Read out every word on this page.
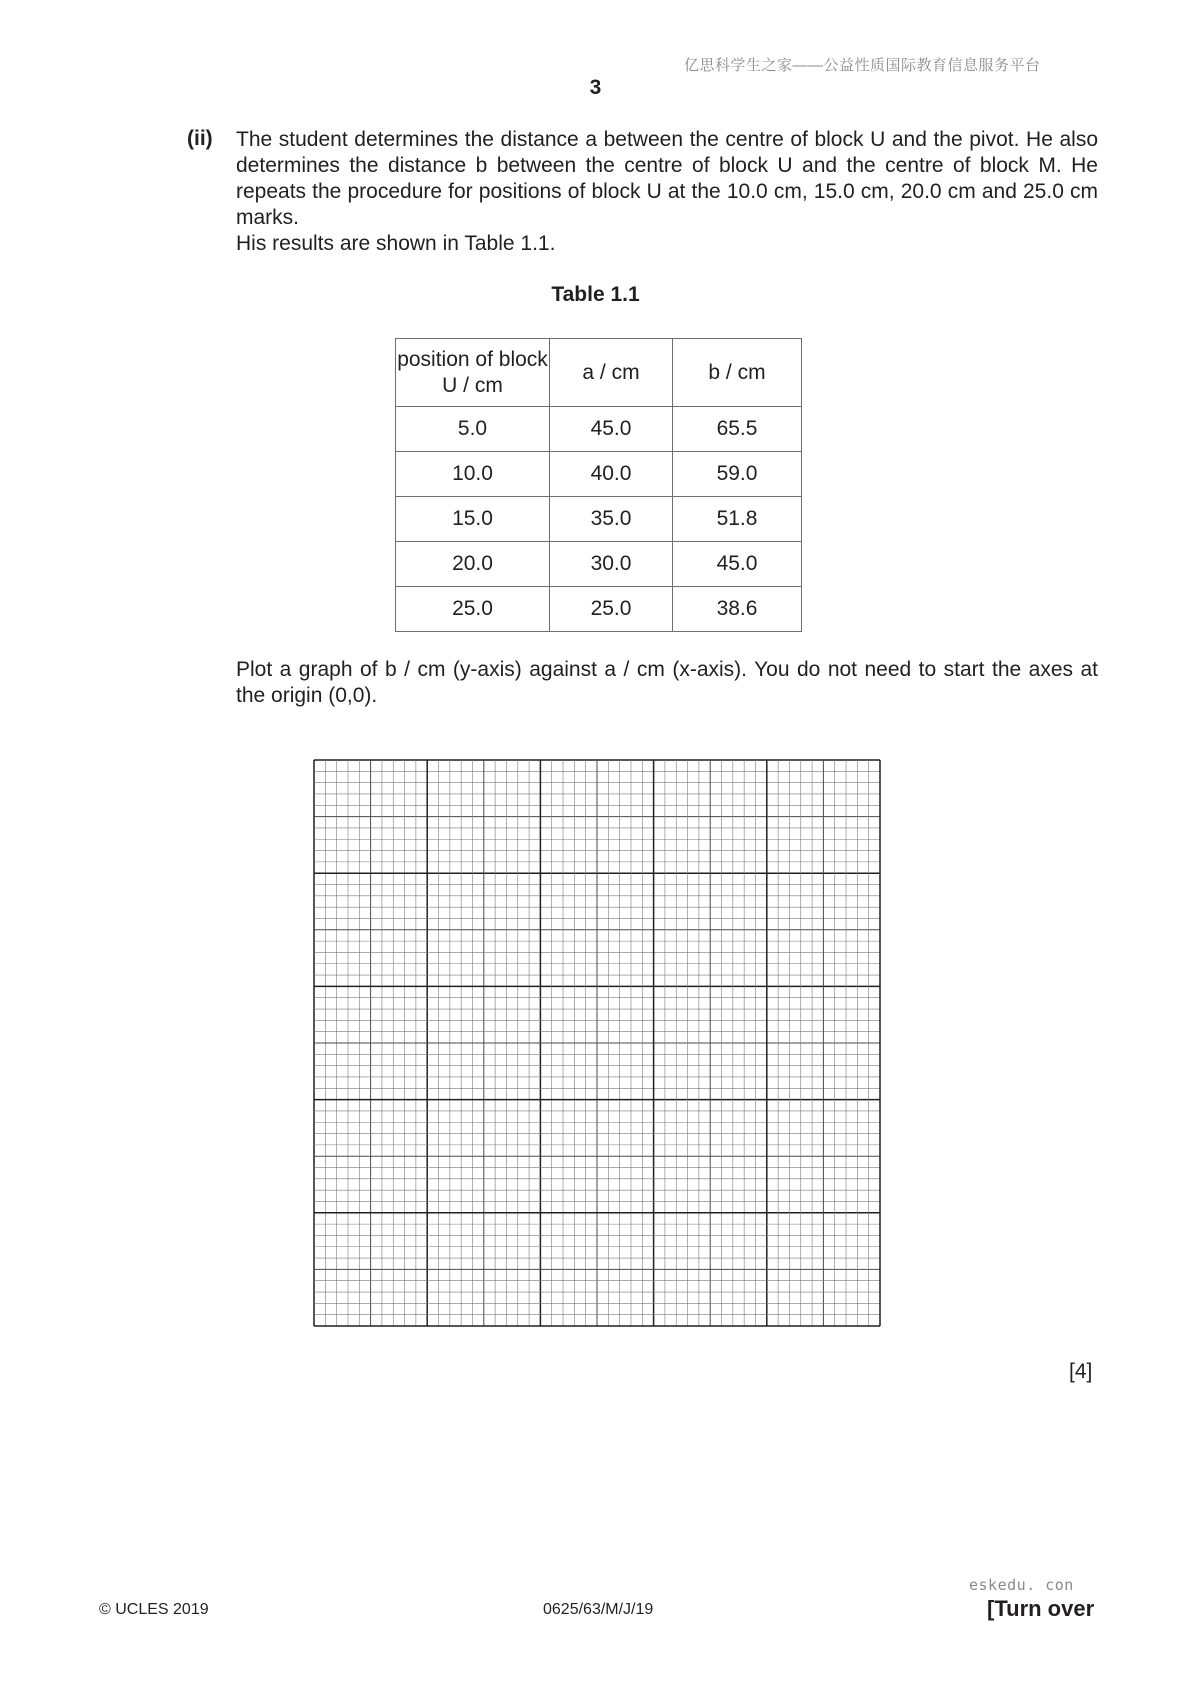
亿思科学生之家——公益性质国际教育信息服务平台
3
(ii) The student determines the distance a between the centre of block U and the pivot. He also determines the distance b between the centre of block U and the centre of block M. He repeats the procedure for positions of block U at the 10.0 cm, 15.0 cm, 20.0 cm and 25.0 cm marks.

His results are shown in Table 1.1.

Table 1.1
position of block U / cm	a / cm	b / cm
5.0	45.0	65.5
10.0	40.0	59.0
15.0	35.0	51.8
20.0	30.0	45.0
25.0	25.0	38.6
Plot a graph of b / cm (y-axis) against a / cm (x-axis). You do not need to start the axes at the origin (0,0).
[4]
eskedu. con
© UCLES 2019	0625/63/M/J/19	[Turn over
